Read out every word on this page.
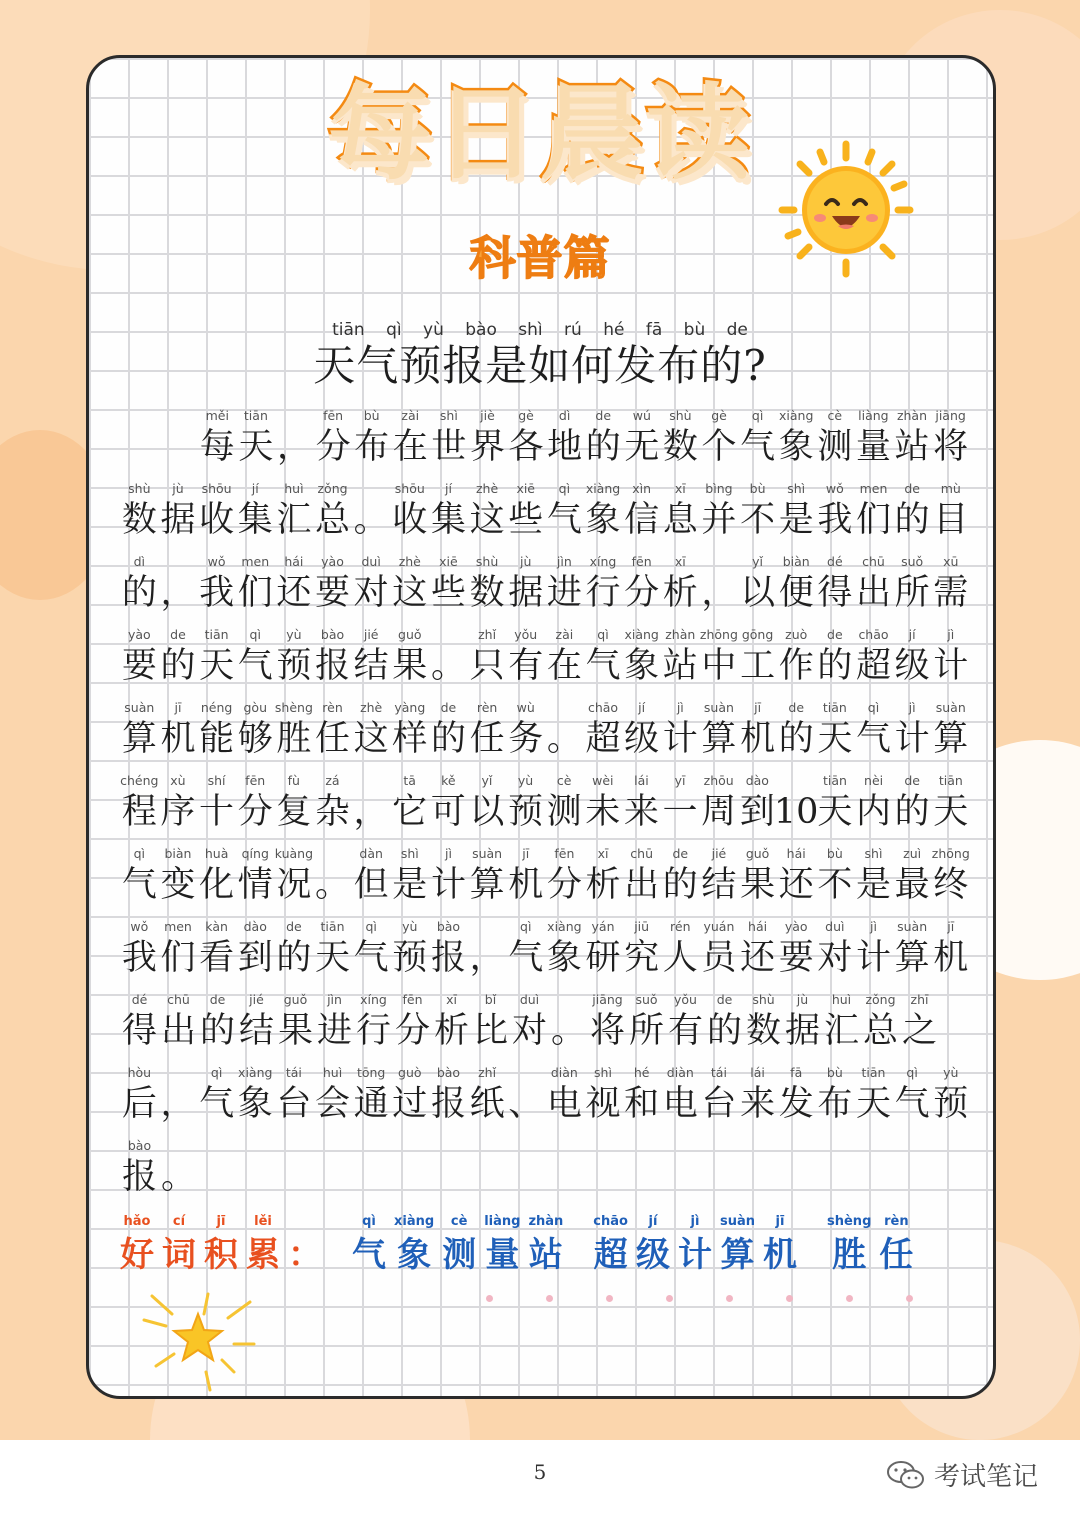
每日晨读
科普篇
tiān qì yù bào shì rú hé fā bù de
天气预报是如何发布的?
měi
每
tiān
天 ，
fēn
分
bù
布
zài
在
shì
世
jiè
界
gè
各
dì
地
de
的
wú
无
shù
数
gè
个
qì
气
xiàng
象
cè
测
liàng
量
zhàn
站
jiāng
将
shù
数
jù
据
shōu
收
jí
集
huì
汇
zǒng
总 。
shōu
收
jí
集
zhè
这
xiē
些
qì
气
xiàng
象
xìn
信
xī
息
bìng
并
bù
不
shì
是
wǒ
我
men
们
de
的
mù
目
dì
的 ，
wǒ
我
men
们
hái
还
yào
要
duì
对
zhè
这
xiē
些
shù
数
jù
据
jìn
进
xíng
行
fēn
分
xī
析 ，
yǐ
以
biàn
便
dé
得
chū
出
suǒ
所
xū
需
yào
要
de
的
tiān
天
qì
气
yù
预
bào
报
jié
结
guǒ
果 。
zhǐ
只
yǒu
有
zài
在
qì
气
xiàng
象
zhàn
站
zhōng
中
gōng
工
zuò
作
de
的
chāo
超
jí
级
jì
计
suàn
算
jī
机
néng
能
gòu
够
shèng
胜
rèn
任
zhè
这
yàng
样
de
的
rèn
任
wù
务 。
chāo
超
jí
级
jì
计
suàn
算
jī
机
de
的
tiān
天
qì
气
jì
计
suàn
算
chéng
程
xù
序
shí
十
fēn
分
fù
复
zá
杂 ，
tā
它
kě
可
yǐ
以
yù
预
cè
测
wèi
未
lái
来
yī
一
zhōu
周
dào
到 10
tiān
天
nèi
内
de
的
tiān
天
qì
气
biàn
变
huà
化
qíng
情
kuàng
况 。
dàn
但
shì
是
jì
计
suàn
算
jī
机
fēn
分
xī
析
chū
出
de
的
jié
结
guǒ
果
hái
还
bù
不
shì
是
zuì
最
zhōng
终
wǒ
我
men
们
kàn
看
dào
到
de
的
tiān
天
qì
气
yù
预
bào
报 ，
qì
气
xiàng
象
yán
研
jiū
究
rén
人
yuán
员
hái
还
yào
要
duì
对
jì
计
suàn
算
jī
机
dé
得
chū
出
de
的
jié
结
guǒ
果
jìn
进
xíng
行
fēn
分
xī
析
bǐ
比
duì
对 。
jiāng
将
suǒ
所
yǒu
有
de
的
shù
数
jù
据
huì
汇
zǒng
总
zhī
之
hòu
后 ，
qì
气
xiàng
象
tái
台
huì
会
tōng
通
guò
过
bào
报
zhǐ
纸 、
diàn
电
shì
视
hé
和
diàn
电
tái
台
lái
来
fā
发
bù
布
tiān
天
qì
气
yù
预
bào
报 。
hǎo
好
cí
词
jī
积
lěi
累 ：
qì
气
xiàng
象
cè
测
liàng
量
zhàn
站
chāo
超
jí
级
jì
计
suàn
算
jī
机
shèng
胜
rèn
任
5	考试笔记
